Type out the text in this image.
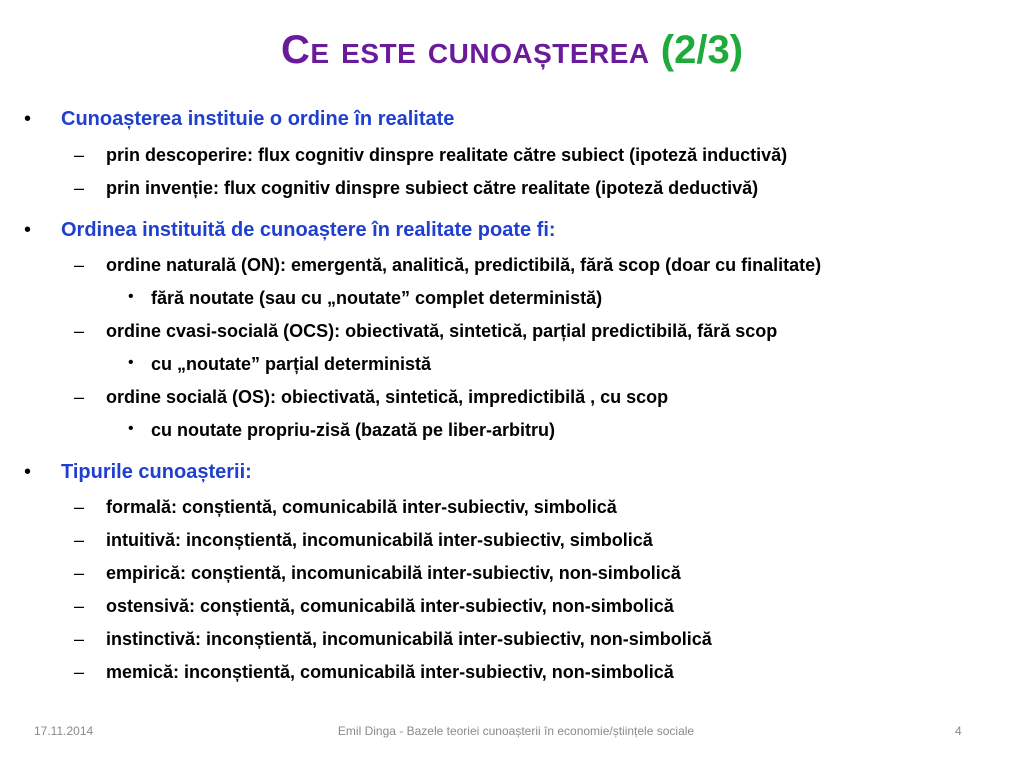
Ce este cunoașterea (2/3)
• Cunoașterea instituie o ordine în realitate
– prin descoperire: flux cognitiv dinspre realitate către subiect (ipoteză inductivă)
– prin invenție: flux cognitiv dinspre subiect către realitate (ipoteză deductivă)
• Ordinea instituită de cunoaștere în realitate poate fi:
– ordine naturală (ON): emergentă, analitică, predictibilă, fără scop (doar cu finalitate)
• fără noutate (sau cu „noutate” complet deterministă)
– ordine cvasi-socială (OCS): obiectivată, sintetică, parțial predictibilă, fără scop
• cu „noutate” parțial deterministă
– ordine socială (OS): obiectivată, sintetică, impredictibilă , cu scop
• cu noutate propriu-zisă (bazată pe liber-arbitru)
• Tipurile cunoașterii:
– formală: conștientă, comunicabilă inter-subiectiv, simbolică
– intuitivă: inconștientă, incomunicabilă inter-subiectiv, simbolică
– empirică: conștientă, incomunicabilă inter-subiectiv, non-simbolică
– ostensivă: conștientă, comunicabilă inter-subiectiv, non-simbolică
– instinctivă: inconștientă, incomunicabilă inter-subiectiv, non-simbolică
– memică: inconștientă, comunicabilă inter-subiectiv, non-simbolică
17.11.2014	Emil Dinga - Bazele teoriei cunoașterii în economie/științele sociale	4
